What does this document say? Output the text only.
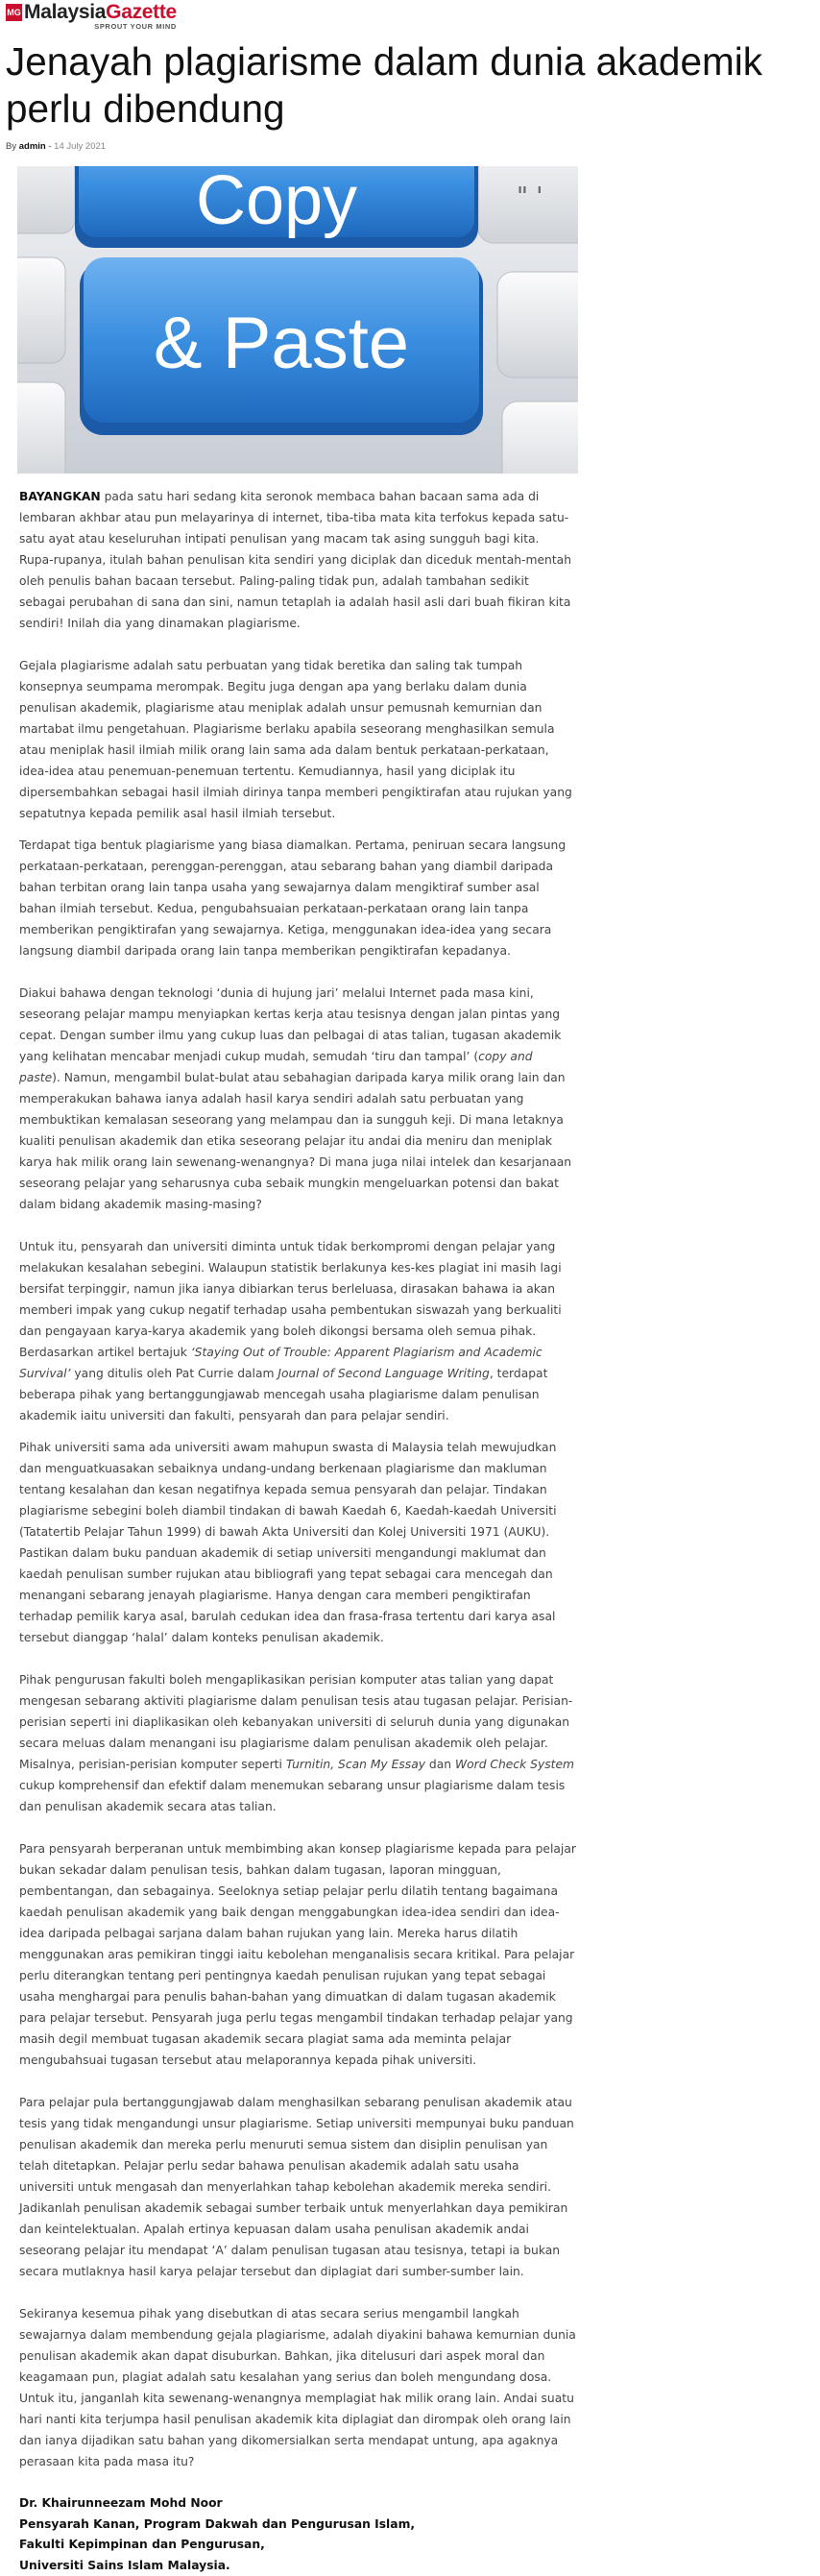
MG MalaysiaGazette
SPROUT YOUR MIND
Jenayah plagiarisme dalam dunia akademik perlu dibendung
By admin - 14 July 2021
" '
Copy
& Paste

BAYANGKAN pada satu hari sedang kita seronok membaca bahan bacaan sama ada di lembaran akhbar atau pun melayarinya di internet, tiba-tiba mata kita terfokus kepada satu-satu ayat atau keseluruhan intipati penulisan yang macam tak asing sungguh bagi kita. Rupa-rupanya, itulah bahan penulisan kita sendiri yang diciplak dan diceduk mentah-mentah oleh penulis bahan bacaan tersebut. Paling-paling tidak pun, adalah tambahan sedikit sebagai perubahan di sana dan sini, namun tetaplah ia adalah hasil asli dari buah fikiran kita sendiri! Inilah dia yang dinamakan plagiarisme.

Gejala plagiarisme adalah satu perbuatan yang tidak beretika dan saling tak tumpah konsepnya seumpama merompak. Begitu juga dengan apa yang berlaku dalam dunia penulisan akademik, plagiarisme atau meniplak adalah unsur pemusnah kemurnian dan martabat ilmu pengetahuan. Plagiarisme berlaku apabila seseorang menghasilkan semula atau meniplak hasil ilmiah milik orang lain sama ada dalam bentuk perkataan-perkataan, idea-idea atau penemuan-penemuan tertentu. Kemudiannya, hasil yang diciplak itu dipersembahkan sebagai hasil ilmiah dirinya tanpa memberi pengiktirafan atau rujukan yang sepatutnya kepada pemilik asal hasil ilmiah tersebut.

Terdapat tiga bentuk plagiarisme yang biasa diamalkan. Pertama, peniruan secara langsung perkataan-perkataan, perenggan-perenggan, atau sebarang bahan yang diambil daripada bahan terbitan orang lain tanpa usaha yang sewajarnya dalam mengiktiraf sumber asal bahan ilmiah tersebut. Kedua, pengubahsuaian perkataan-perkataan orang lain tanpa memberikan pengiktirafan yang sewajarnya. Ketiga, menggunakan idea-idea yang secara langsung diambil daripada orang lain tanpa memberikan pengiktirafan kepadanya.

Diakui bahawa dengan teknologi ‘dunia di hujung jari’ melalui Internet pada masa kini, seseorang pelajar mampu menyiapkan kertas kerja atau tesisnya dengan jalan pintas yang cepat. Dengan sumber ilmu yang cukup luas dan pelbagai di atas talian, tugasan akademik yang kelihatan mencabar menjadi cukup mudah, semudah ‘tiru dan tampal’ (copy and paste). Namun, mengambil bulat-bulat atau sebahagian daripada karya milik orang lain dan memperakukan bahawa ianya adalah hasil karya sendiri adalah satu perbuatan yang membuktikan kemalasan seseorang yang melampau dan ia sungguh keji. Di mana letaknya kualiti penulisan akademik dan etika seseorang pelajar itu andai dia meniru dan meniplak karya hak milik orang lain sewenang-wenangnya? Di mana juga nilai intelek dan kesarjanaan seseorang pelajar yang seharusnya cuba sebaik mungkin mengeluarkan potensi dan bakat dalam bidang akademik masing-masing?

Untuk itu, pensyarah dan universiti diminta untuk tidak berkompromi dengan pelajar yang melakukan kesalahan sebegini. Walaupun statistik berlakunya kes-kes plagiat ini masih lagi bersifat terpinggir, namun jika ianya dibiarkan terus berleluasa, dirasakan bahawa ia akan memberi impak yang cukup negatif terhadap usaha pembentukan siswazah yang berkualiti dan pengayaan karya-karya akademik yang boleh dikongsi bersama oleh semua pihak. Berdasarkan artikel bertajuk ‘Staying Out of Trouble: Apparent Plagiarism and Academic Survival’ yang ditulis oleh Pat Currie dalam Journal of Second Language Writing, terdapat beberapa pihak yang bertanggungjawab mencegah usaha plagiarisme dalam penulisan akademik iaitu universiti dan fakulti, pensyarah dan para pelajar sendiri.

Pihak universiti sama ada universiti awam mahupun swasta di Malaysia telah mewujudkan dan menguatkuasakan sebaiknya undang-undang berkenaan plagiarisme dan makluman tentang kesalahan dan kesan negatifnya kepada semua pensyarah dan pelajar. Tindakan plagiarisme sebegini boleh diambil tindakan di bawah Kaedah 6, Kaedah-kaedah Universiti (Tatatertib Pelajar Tahun 1999) di bawah Akta Universiti dan Kolej Universiti 1971 (AUKU). Pastikan dalam buku panduan akademik di setiap universiti mengandungi maklumat dan kaedah penulisan sumber rujukan atau bibliografi yang tepat sebagai cara mencegah dan menangani sebarang jenayah plagiarisme. Hanya dengan cara memberi pengiktirafan terhadap pemilik karya asal, barulah cedukan idea dan frasa-frasa tertentu dari karya asal tersebut dianggap ‘halal’ dalam konteks penulisan akademik.

Pihak pengurusan fakulti boleh mengaplikasikan perisian komputer atas talian yang dapat mengesan sebarang aktiviti plagiarisme dalam penulisan tesis atau tugasan pelajar. Perisian-perisian seperti ini diaplikasikan oleh kebanyakan universiti di seluruh dunia yang digunakan secara meluas dalam menangani isu plagiarisme dalam penulisan akademik oleh pelajar. Misalnya, perisian-perisian komputer seperti Turnitin, Scan My Essay dan Word Check System cukup komprehensif dan efektif dalam menemukan sebarang unsur plagiarisme dalam tesis dan penulisan akademik secara atas talian.

Para pensyarah berperanan untuk membimbing akan konsep plagiarisme kepada para pelajar bukan sekadar dalam penulisan tesis, bahkan dalam tugasan, laporan mingguan, pembentangan, dan sebagainya. Seeloknya setiap pelajar perlu dilatih tentang bagaimana kaedah penulisan akademik yang baik dengan menggabungkan idea-idea sendiri dan idea-idea daripada pelbagai sarjana dalam bahan rujukan yang lain. Mereka harus dilatih menggunakan aras pemikiran tinggi iaitu kebolehan menganalisis secara kritikal. Para pelajar perlu diterangkan tentang peri pentingnya kaedah penulisan rujukan yang tepat sebagai usaha menghargai para penulis bahan-bahan yang dimuatkan di dalam tugasan akademik para pelajar tersebut. Pensyarah juga perlu tegas mengambil tindakan terhadap pelajar yang masih degil membuat tugasan akademik secara plagiat sama ada meminta pelajar mengubahsuai tugasan tersebut atau melaporannya kepada pihak universiti.

Para pelajar pula bertanggungjawab dalam menghasilkan sebarang penulisan akademik atau tesis yang tidak mengandungi unsur plagiarisme. Setiap universiti mempunyai buku panduan penulisan akademik dan mereka perlu menuruti semua sistem dan disiplin penulisan yan telah ditetapkan. Pelajar perlu sedar bahawa penulisan akademik adalah satu usaha universiti untuk mengasah dan menyerlahkan tahap kebolehan akademik mereka sendiri. Jadikanlah penulisan akademik sebagai sumber terbaik untuk menyerlahkan daya pemikiran dan keintelektualan. Apalah ertinya kepuasan dalam usaha penulisan akademik andai seseorang pelajar itu mendapat ‘A’ dalam penulisan tugasan atau tesisnya, tetapi ia bukan secara mutlaknya hasil karya pelajar tersebut dan diplagiat dari sumber-sumber lain.

Sekiranya kesemua pihak yang disebutkan di atas secara serius mengambil langkah sewajarnya dalam membendung gejala plagiarisme, adalah diyakini bahawa kemurnian dunia penulisan akademik akan dapat disuburkan. Bahkan, jika ditelusuri dari aspek moral dan keagamaan pun, plagiat adalah satu kesalahan yang serius dan boleh mengundang dosa. Untuk itu, janganlah kita sewenang-wenangnya memplagiat hak milik orang lain. Andai suatu hari nanti kita terjumpa hasil penulisan akademik kita diplagiat dan dirompak oleh orang lain dan ianya dijadikan satu bahan yang dikomersialkan serta mendapat untung, apa agaknya perasaan kita pada masa itu?

Dr. Khairunneezam Mohd Noor
Pensyarah Kanan, Program Dakwah dan Pengurusan Islam,
Fakulti Kepimpinan dan Pengurusan,
Universiti Sains Islam Malaysia.
